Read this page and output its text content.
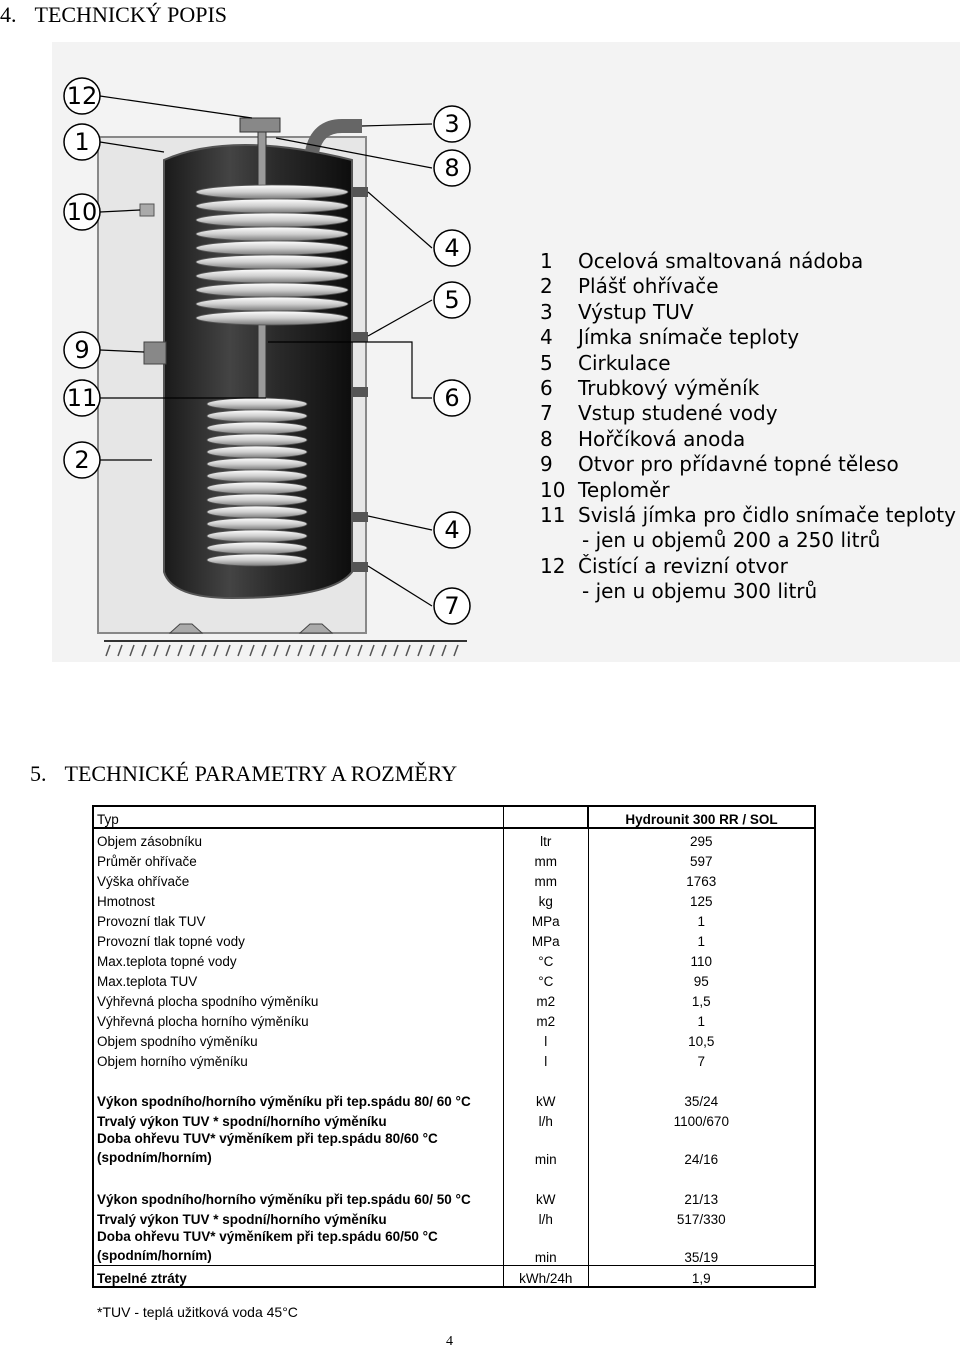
4. TECHNICKÝ POPIS
12
1
10
9
11
2
3
8
4
5
6
4
7
1 Ocelová smaltovaná nádoba
2 Plášť ohřívače
3 Výstup TUV
4 Jímka snímače teploty
5 Cirkulace
6 Trubkový výměník
7 Vstup studené vody
8 Hořčíková anoda
9 Otvor pro přídavné topné těleso
10 Teploměr
11 Svislá jímka pro čidlo snímače teploty
- jen u objemů 200 a 250 litrů
12 Čistící a revizní otvor
- jen u objemu 300 litrů
5. TECHNICKÉ PARAMETRY A ROZMĚRY
Typ		Hydrounit 300 RR / SOL
Objem zásobníku	ltr	295
Průměr ohřívače	mm	597
Výška ohřívače	mm	1763
Hmotnost	kg	125
Provozní tlak TUV	MPa	1
Provozní tlak topné vody	MPa	1
Max.teplota topné vody	°C	110
Max.teplota TUV	°C	95
Výhřevná plocha spodního výměníku	m2	1,5
Výhřevná plocha horního výměníku	m2	1
Objem spodního výměníku	l	10,5
Objem horního výměníku	l	7

Výkon spodního/horního výměníku při tep.spádu 80/ 60 °C	kW	35/24
Trvalý výkon TUV * spodní/horního výměníku	l/h	1100/670

Doba ohřevu TUV* výměníkem při tep.spádu 80/60 °C
(spodním/horním)	min	24/16

Výkon spodního/horního výměníku při tep.spádu 60/ 50 °C	kW	21/13
Trvalý výkon TUV * spodní/horního výměníku	l/h	517/330

Doba ohřevu TUV* výměníkem při tep.spádu 60/50 °C
(spodním/horním)	min	35/19
Tepelné ztráty	kWh/24h	1,9
*TUV - teplá užitková voda 45°C
4
